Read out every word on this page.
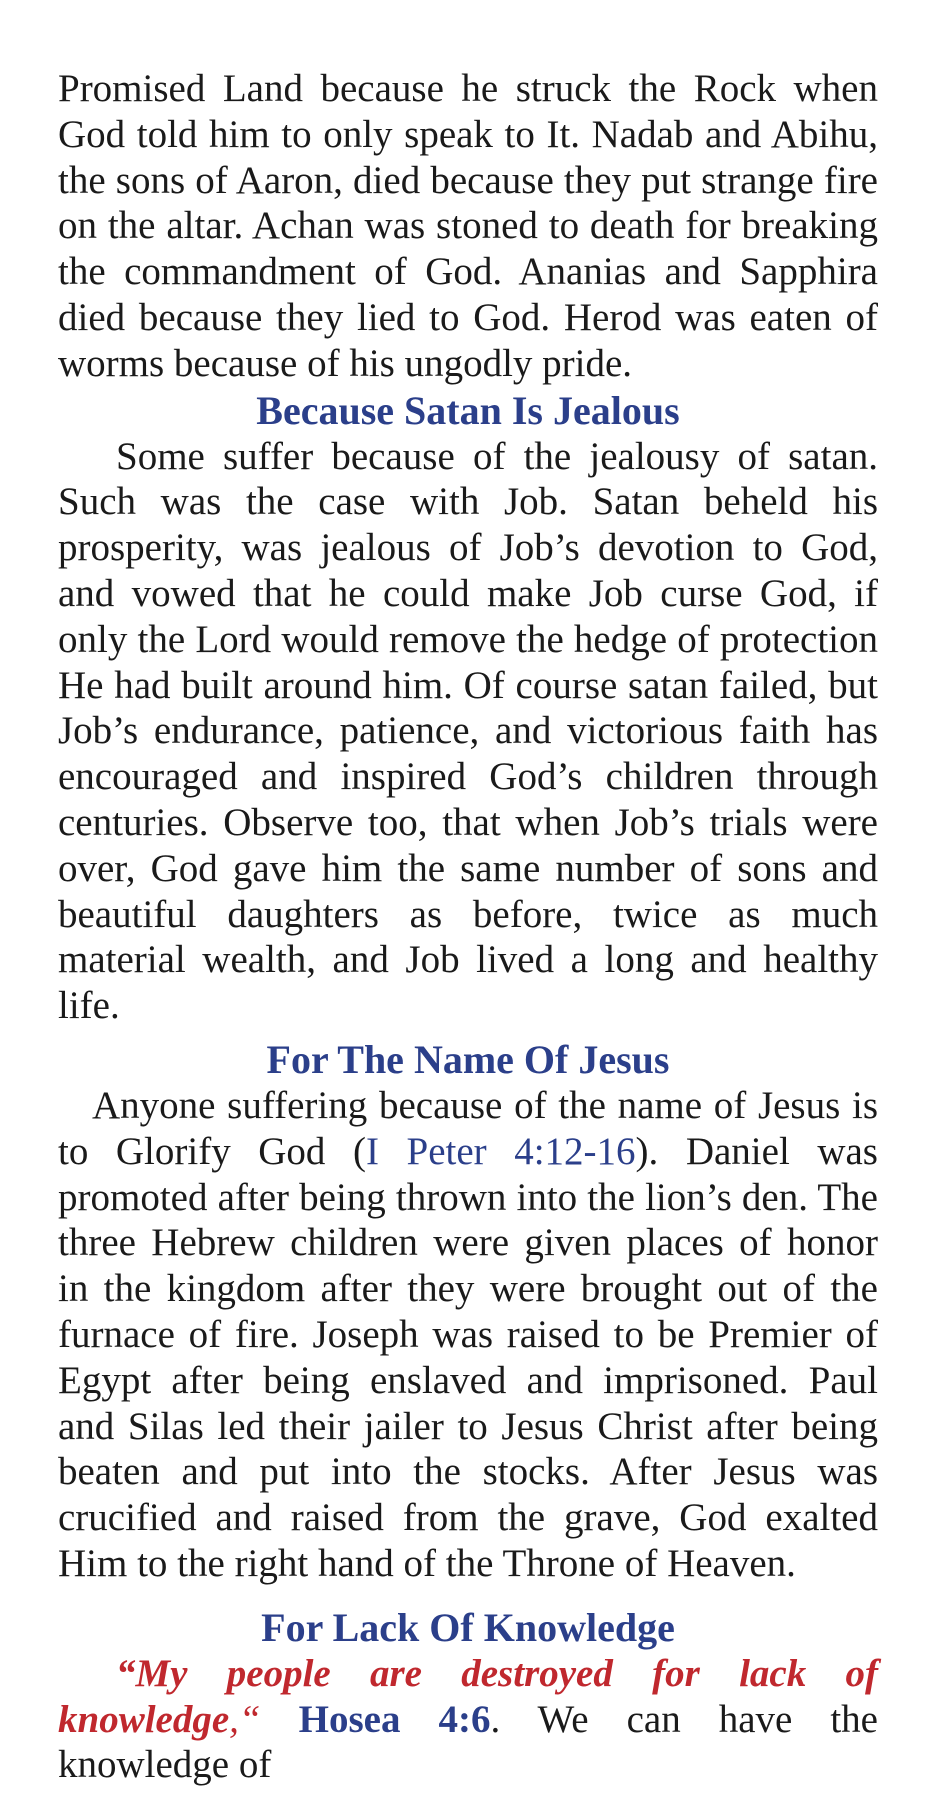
Promised Land because he struck the Rock when God told him to only speak to It. Nadab and Abihu, the sons of Aaron, died because they put strange fire on the altar. Achan was stoned to death for breaking the commandment of God. Ananias and Sapphira died because they lied to God. Herod was eaten of worms because of his ungodly pride.

Because Satan Is Jealous

Some suffer because of the jealousy of satan. Such was the case with Job. Satan beheld his prosperity, was jealous of Job’s devotion to God, and vowed that he could make Job curse God, if only the Lord would remove the hedge of protection He had built around him. Of course satan failed, but Job’s endurance, patience, and victorious faith has encouraged and inspired God’s children through centuries. Observe too, that when Job’s trials were over, God gave him the same number of sons and beautiful daughters as before, twice as much material wealth, and Job lived a long and healthy life.

For The Name Of Jesus

Anyone suffering because of the name of Jesus is to Glorify God (I Peter 4:12-16). Daniel was promoted after being thrown into the lion’s den. The three Hebrew children were given places of honor in the kingdom after they were brought out of the furnace of fire. Joseph was raised to be Premier of Egypt after being enslaved and imprisoned. Paul and Silas led their jailer to Jesus Christ after being beaten and put into the stocks. After Jesus was crucified and raised from the grave, God exalted Him to the right hand of the Throne of Heaven.

For Lack Of Knowledge

“My people are destroyed for lack of knowledge,“ Hosea 4:6. We can have the knowledge of
